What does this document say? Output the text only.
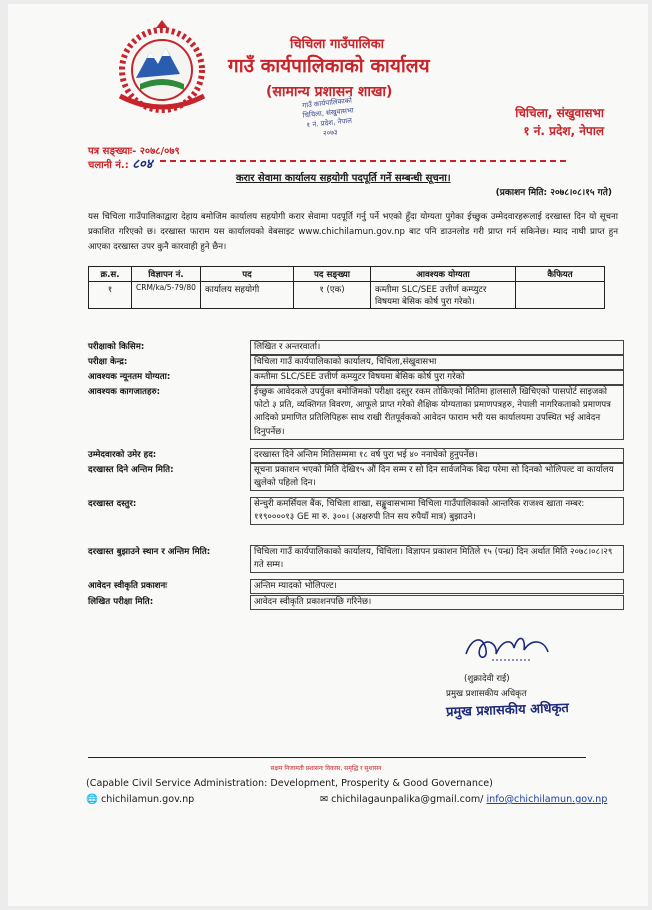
चिचिला गाउँपालिका
गाउँ कार्यपालिकाको कार्यालय
(सामान्य प्रशासन शाखा)
गाउँ कार्यपालिकाको
चिचिला, संखुवासभा
१ नं. प्रदेश, नेपाल
२०७३
चिचिला, संखुवासभा
१ नं. प्रदेश, नेपाल
पत्र सङ्ख्याः- २०७८/०७९
चलानी नं.: ८०४
करार सेवामा कार्यालय सहयोगी पदपूर्ति गर्ने सम्बन्धी सूचना।
(प्रकाशन मिति: २०७८।०८।१५ गते)
यस चिचिला गाउँपालिकाद्वारा देहाय बमोजिम कार्यालय सहयोगी करार सेवामा पदपूर्ति गर्नु पर्ने भएको हुँदा योग्यता पुगेका ईच्छुक उम्मेदवारहरूलाई दरखास्त दिन यो सूचना प्रकाशित गरिएको छ। दरखास्त फाराम यस कार्यालयको वेबसाइट www.chichilamun.gov.np बाट पनि डाउनलोड गरी प्राप्त गर्न सकिनेछ। म्याद नाघी प्राप्त हुन आएका दरखास्त उपर कुनै कारवाही हुने छैन।
क्र.स.	विज्ञापन नं.	पद	पद सङ्ख्या	आवश्यक योग्यता	कैफियत
१	CRM/ka/5-79/80	कार्यालय सहयोगी	१ (एक)	कम्तीमा SLC/SEE उत्तीर्ण कम्प्युटर विषयमा बेसिक कोर्ष पुरा गरेको।	
परीक्षाको किसिम:	लिखित र अन्तरवार्ता।
परीक्षा केन्द्र:	चिचिला गाउँ कार्यपालिकाको कार्यालय, चिचिला,संखुवासभा
आवश्यक न्यूनतम योग्यता:	कम्तीमा SLC/SEE उत्तीर्ण कम्प्युटर विषयमा बेसिक कोर्ष पुरा गरेको
आवश्यक कागजातहरु:	ईच्छुक आवेदकले उपर्युक्त बमोजिमको परीक्षा दस्तुर रकम तोकिएको मितिमा हालसालै खिचिएको पासपोर्ट साइजको फोटो ३ प्रति, व्यक्तिगत विवरण, आफूले प्राप्त गरेको शैक्षिक योग्यताका प्रमाणपत्रहरु, नेपाली नागरिकताको प्रमाणपत्र आदिको प्रमाणित प्रतिलिपिहरू साथ राखी रीतपूर्वकको आवेदन फाराम भरी यस कार्यालयमा उपस्थित भई आवेदन दिनुपर्नेछ।
उम्मेदवारको उमेर हद:	दरखास्त दिने अन्तिम मितिसम्ममा १८ वर्ष पुरा भई ४० ननाघेको हुनुपर्नेछ।
दरखास्त दिने अन्तिम मिति:	सूचना प्रकाशन भएको मिति देखि१५ औं दिन सम्म र सो दिन सार्वजनिक बिदा परेमा सो दिनको भोलिपल्ट वा कार्यालय खुलेको पहिलो दिन।
दरखास्त दस्तुर:	सेन्चुरी कमर्सियल बैंक, चिचिला शाखा, सङ्खुवासभामा चिचिला गाउँपालिकाको आन्तरिक राजश्व खाता नम्बर: ११९००००१३ GE मा रु. ३००। (अक्षरुपी तिन सय रुपैयाँ मात्र) बुझाउने।
दरखास्त बुझाउने स्थान र अन्तिम मिति:	चिचिला गाउँ कार्यपालिकाको कार्यालय, चिचिला। विज्ञापन प्रकाशन मितिले १५ (पन्ध्र) दिन अर्थात मिति २०७८।०८।२९ गते सम्म।
आवेदन स्वीकृति प्रकाशनः	अन्तिम म्यादको भोलिपल्ट।
लिखित परीक्षा मिति:	आवेदन स्वीकृति प्रकाशनपछि गरिनेछ।
(शुक्रादेवी राई)
प्रमुख प्रशासकीय अधिकृत
प्रमुख प्रशासकीय अधिकृत
सक्षम निजामती प्रशासनः विकास, समृद्धि र सुशासन
(Capable Civil Service Administration: Development, Prosperity & Good Governance)
🌐 chichilamun.gov.np	✉ chichilagaunpalika@gmail.com/ info@chichilamun.gov.np
